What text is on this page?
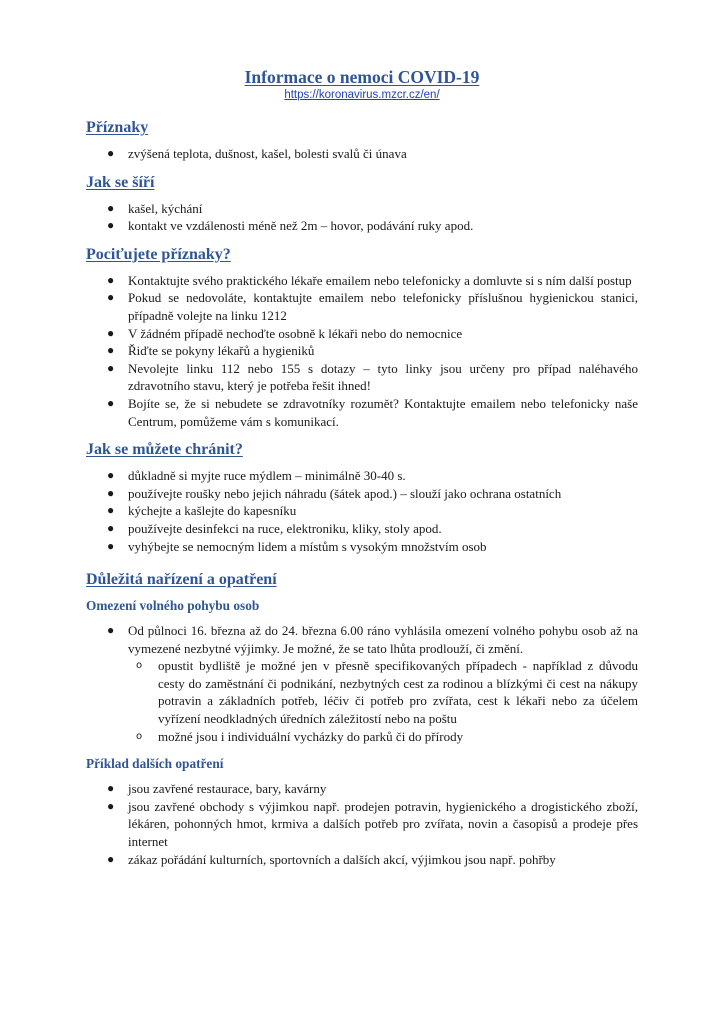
Informace o nemoci COVID-19
https://koronavirus.mzcr.cz/en/
Příznaky
● zvýšená teplota, dušnost, kašel, bolesti svalů či únava
Jak se šíří
● kašel, kýchání
● kontakt ve vzdálenosti méně než 2m – hovor, podávání ruky apod.
Pociťujete příznaky?
● Kontaktujte svého praktického lékaře emailem nebo telefonicky a domluvte si s ním další postup
● Pokud se nedovoláte, kontaktujte emailem nebo telefonicky příslušnou hygienickou stanici, případně volejte na linku 1212
● V žádném případě nechoďte osobně k lékaři nebo do nemocnice
● Řiďte se pokyny lékařů a hygieniků
● Nevolejte linku 112 nebo 155 s dotazy – tyto linky jsou určeny pro případ naléhavého zdravotního stavu, který je potřeba řešit ihned!
● Bojíte se, že si nebudete se zdravotníky rozumět? Kontaktujte emailem nebo telefonicky naše Centrum, pomůžeme vám s komunikací.
Jak se můžete chránit?
● důkladně si myjte ruce mýdlem – minimálně 30-40 s.
● používejte roušky nebo jejich náhradu (šátek apod.) – slouží jako ochrana ostatních
● kýchejte a kašlejte do kapesníku
● používejte desinfekci na ruce, elektroniku, kliky, stoly apod.
● vyhýbejte se nemocným lidem a místům s vysokým množstvím osob
Důležitá nařízení a opatření
Omezení volného pohybu osob
● Od půlnoci 16. března až do 24. března 6.00 ráno vyhlásila omezení volného pohybu osob až na vymezené nezbytné výjimky. Je možné, že se tato lhůta prodlouží, či změní.
o opustit bydliště je možné jen v přesně specifikovaných případech - například z důvodu cesty do zaměstnání či podnikání, nezbytných cest za rodinou a blízkými či cest na nákupy potravin a základních potřeb, léčiv či potřeb pro zvířata, cest k lékaři nebo za účelem vyřízení neodkladných úředních záležitostí nebo na poštu
o možné jsou i individuální vycházky do parků či do přírody
Příklad dalších opatření
● jsou zavřené restaurace, bary, kavárny
● jsou zavřené obchody s výjimkou např. prodejen potravin, hygienického a drogistického zboží, lékáren, pohonných hmot, krmiva a dalších potřeb pro zvířata, novin a časopisů a prodeje přes internet
● zákaz pořádání kulturních, sportovních a dalších akcí, výjimkou jsou např. pohřby
